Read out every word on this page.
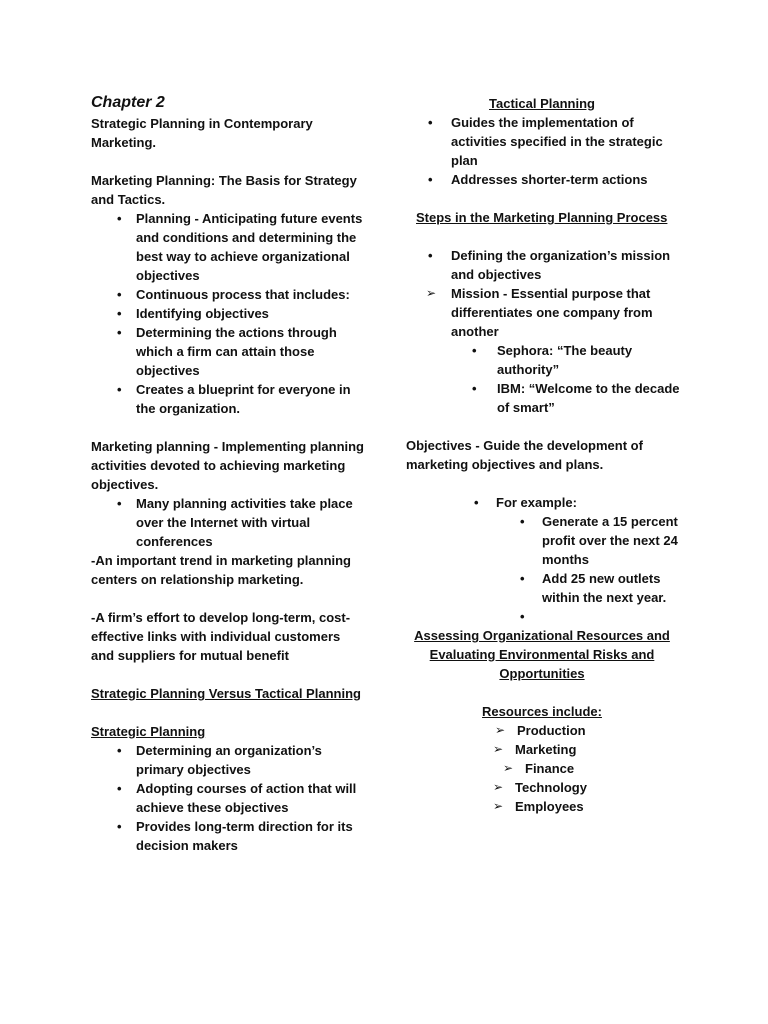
Chapter 2

Strategic Planning in Contemporary Marketing.

Marketing Planning: The Basis for Strategy and Tactics.

• Planning - Anticipating future events and conditions and determining the best way to achieve organizational objectives
• Continuous process that includes:
• Identifying objectives
• Determining the actions through which a firm can attain those objectives
• Creates a blueprint for everyone in the organization.

Marketing planning - Implementing planning activities devoted to achieving marketing objectives.

• Many planning activities take place over the Internet with virtual conferences

-An important trend in marketing planning centers on relationship marketing.

-A firm’s effort to develop long-term, cost-effective links with individual customers and suppliers for mutual benefit

Strategic Planning Versus Tactical Planning

Strategic Planning

• Determining an organization’s primary objectives
• Adopting courses of action that will achieve these objectives
• Provides long-term direction for its decision makers

Tactical Planning

• Guides the implementation of activities specified in the strategic plan
• Addresses shorter-term actions

Steps in the Marketing Planning Process

• Defining the organization’s mission and objectives
➢ Mission - Essential purpose that differentiates one company from another
• Sephora: “The beauty authority”
• IBM: “Welcome to the decade of smart”

Objectives - Guide the development of marketing objectives and plans.

• For example:
• Generate a 15 percent profit over the next 24 months
• Add 25 new outlets within the next year.
•

Assessing Organizational Resources and Evaluating Environmental Risks and Opportunities

Resources include:

➢ Production
➢ Marketing
➢ Finance
➢ Technology
➢ Employees
